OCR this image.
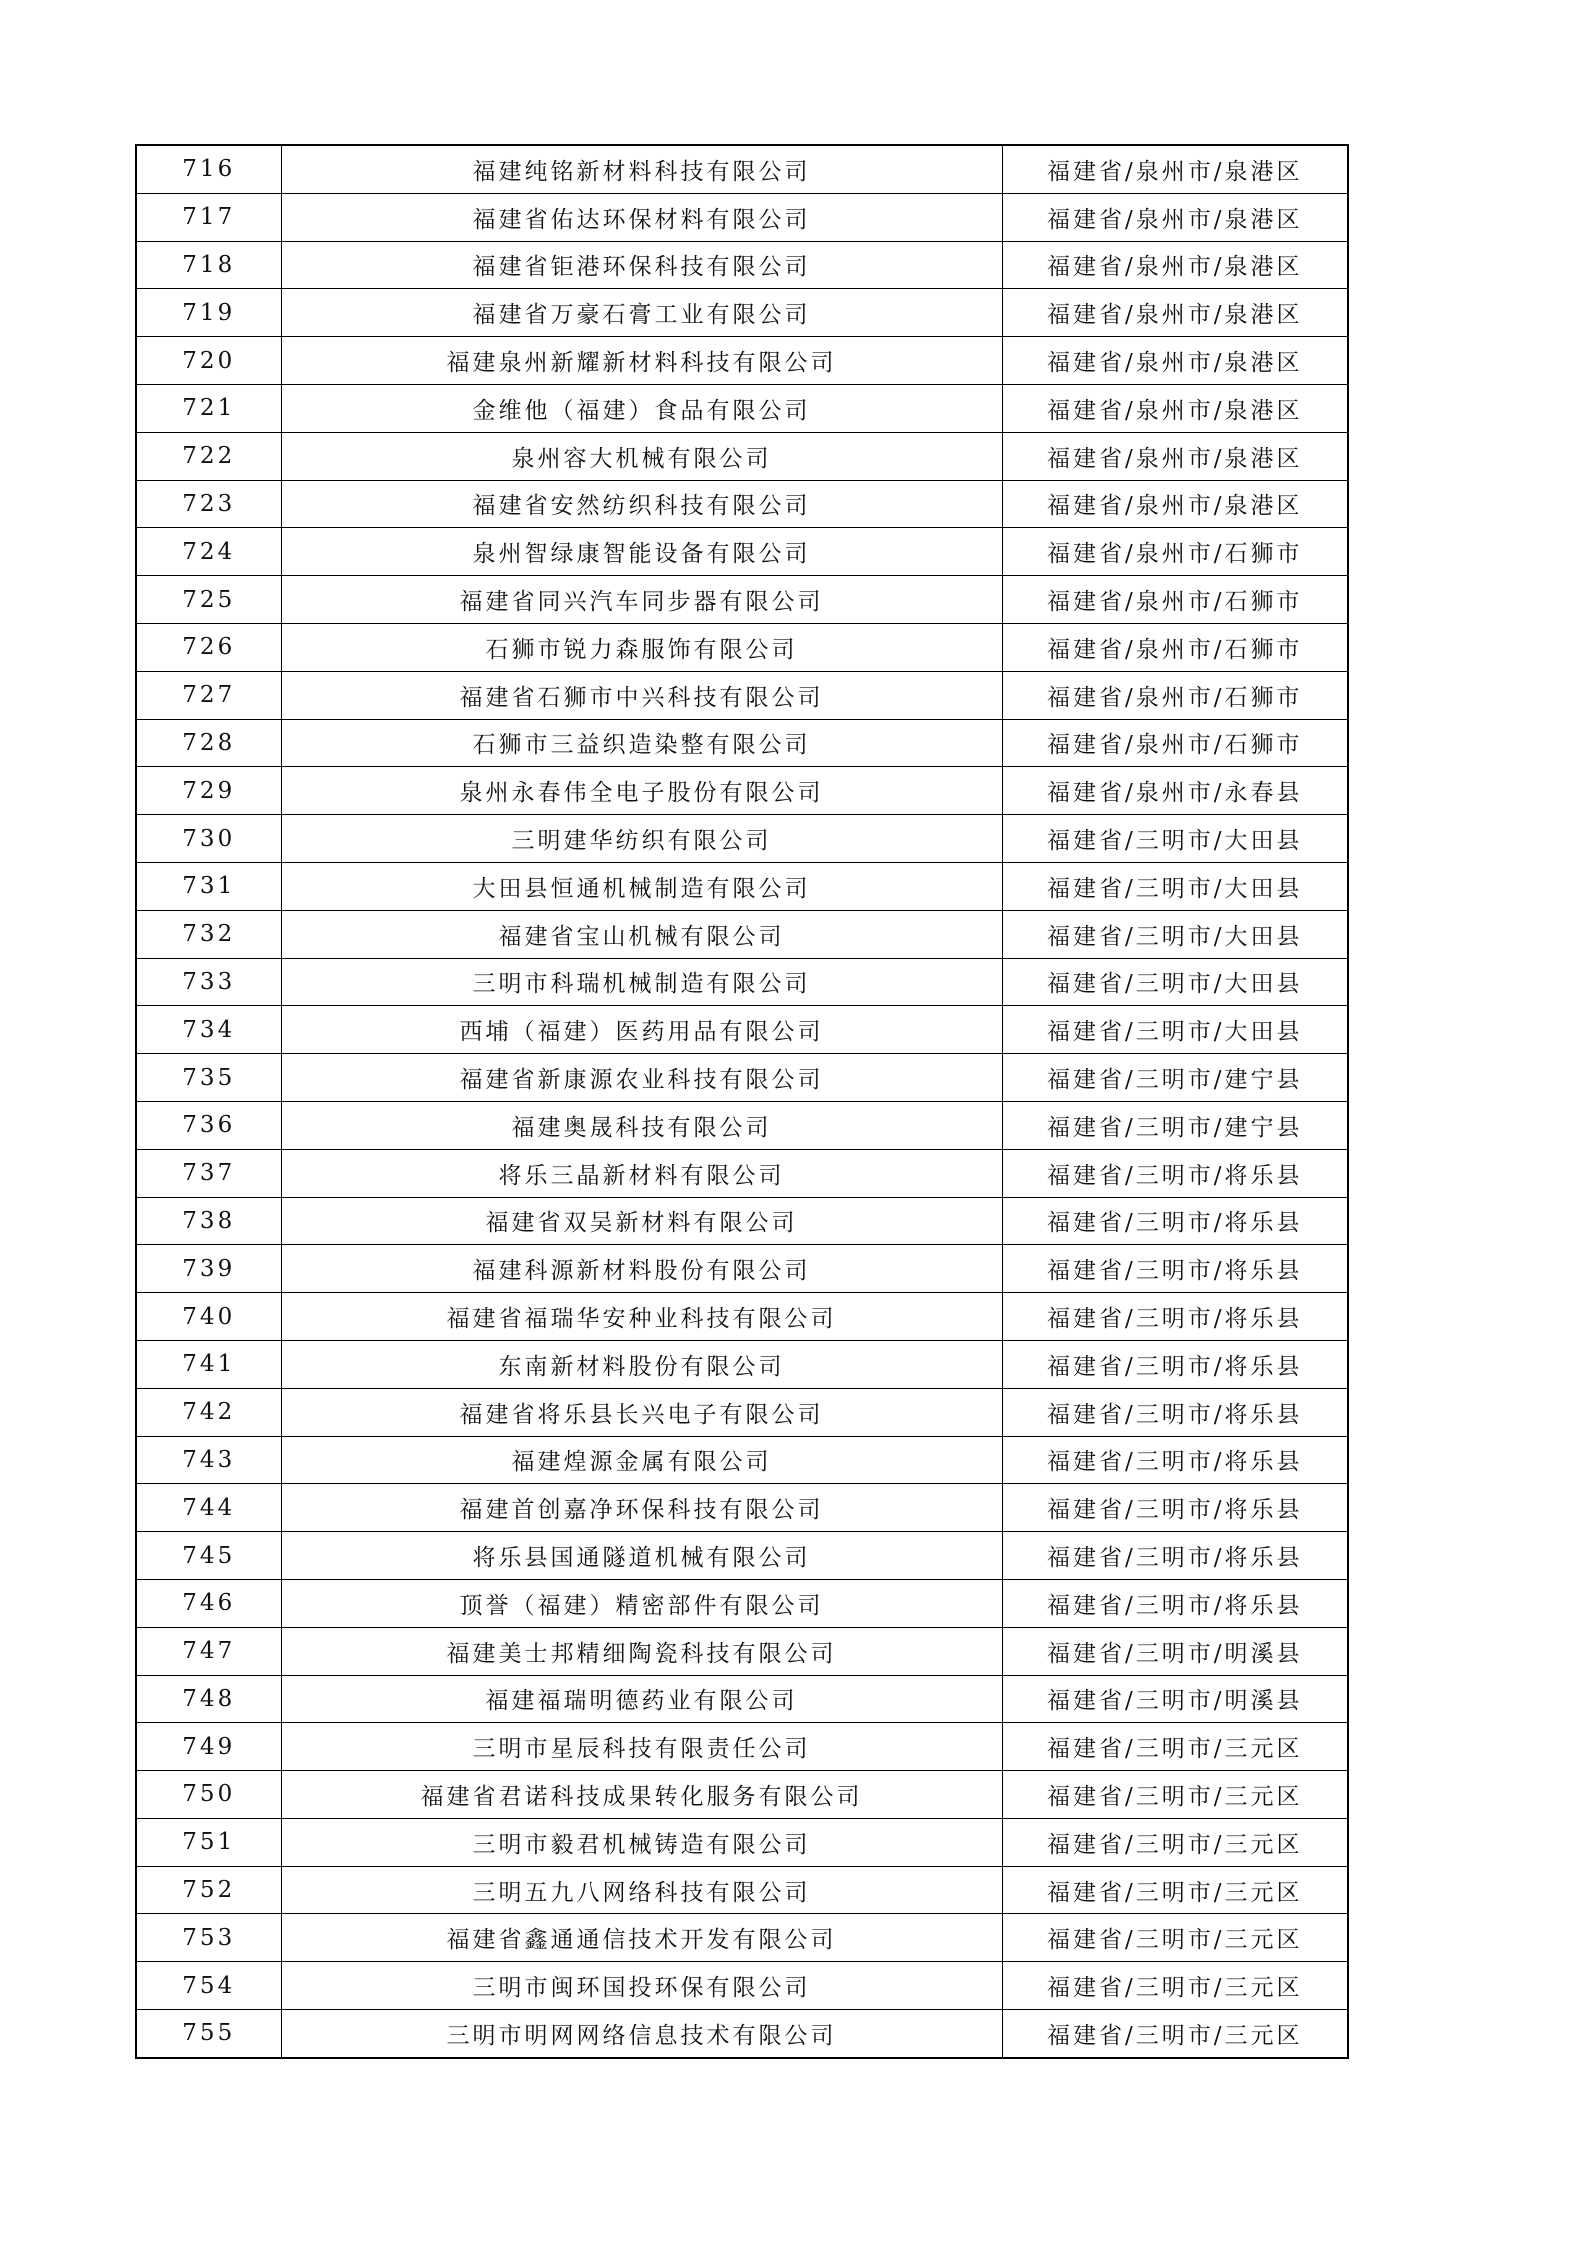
716	福建纯铭新材料科技有限公司	福建省/泉州市/泉港区
717	福建省佑达环保材料有限公司	福建省/泉州市/泉港区
718	福建省钜港环保科技有限公司	福建省/泉州市/泉港区
719	福建省万豪石膏工业有限公司	福建省/泉州市/泉港区
720	福建泉州新耀新材料科技有限公司	福建省/泉州市/泉港区
721	金维他（福建）食品有限公司	福建省/泉州市/泉港区
722	泉州容大机械有限公司	福建省/泉州市/泉港区
723	福建省安然纺织科技有限公司	福建省/泉州市/泉港区
724	泉州智绿康智能设备有限公司	福建省/泉州市/石狮市
725	福建省同兴汽车同步器有限公司	福建省/泉州市/石狮市
726	石狮市锐力森服饰有限公司	福建省/泉州市/石狮市
727	福建省石狮市中兴科技有限公司	福建省/泉州市/石狮市
728	石狮市三益织造染整有限公司	福建省/泉州市/石狮市
729	泉州永春伟全电子股份有限公司	福建省/泉州市/永春县
730	三明建华纺织有限公司	福建省/三明市/大田县
731	大田县恒通机械制造有限公司	福建省/三明市/大田县
732	福建省宝山机械有限公司	福建省/三明市/大田县
733	三明市科瑞机械制造有限公司	福建省/三明市/大田县
734	西埔（福建）医药用品有限公司	福建省/三明市/大田县
735	福建省新康源农业科技有限公司	福建省/三明市/建宁县
736	福建奥晟科技有限公司	福建省/三明市/建宁县
737	将乐三晶新材料有限公司	福建省/三明市/将乐县
738	福建省双吴新材料有限公司	福建省/三明市/将乐县
739	福建科源新材料股份有限公司	福建省/三明市/将乐县
740	福建省福瑞华安种业科技有限公司	福建省/三明市/将乐县
741	东南新材料股份有限公司	福建省/三明市/将乐县
742	福建省将乐县长兴电子有限公司	福建省/三明市/将乐县
743	福建煌源金属有限公司	福建省/三明市/将乐县
744	福建首创嘉净环保科技有限公司	福建省/三明市/将乐县
745	将乐县国通隧道机械有限公司	福建省/三明市/将乐县
746	顶誉（福建）精密部件有限公司	福建省/三明市/将乐县
747	福建美士邦精细陶瓷科技有限公司	福建省/三明市/明溪县
748	福建福瑞明德药业有限公司	福建省/三明市/明溪县
749	三明市星辰科技有限责任公司	福建省/三明市/三元区
750	福建省君诺科技成果转化服务有限公司	福建省/三明市/三元区
751	三明市毅君机械铸造有限公司	福建省/三明市/三元区
752	三明五九八网络科技有限公司	福建省/三明市/三元区
753	福建省鑫通通信技术开发有限公司	福建省/三明市/三元区
754	三明市闽环国投环保有限公司	福建省/三明市/三元区
755	三明市明网网络信息技术有限公司	福建省/三明市/三元区
